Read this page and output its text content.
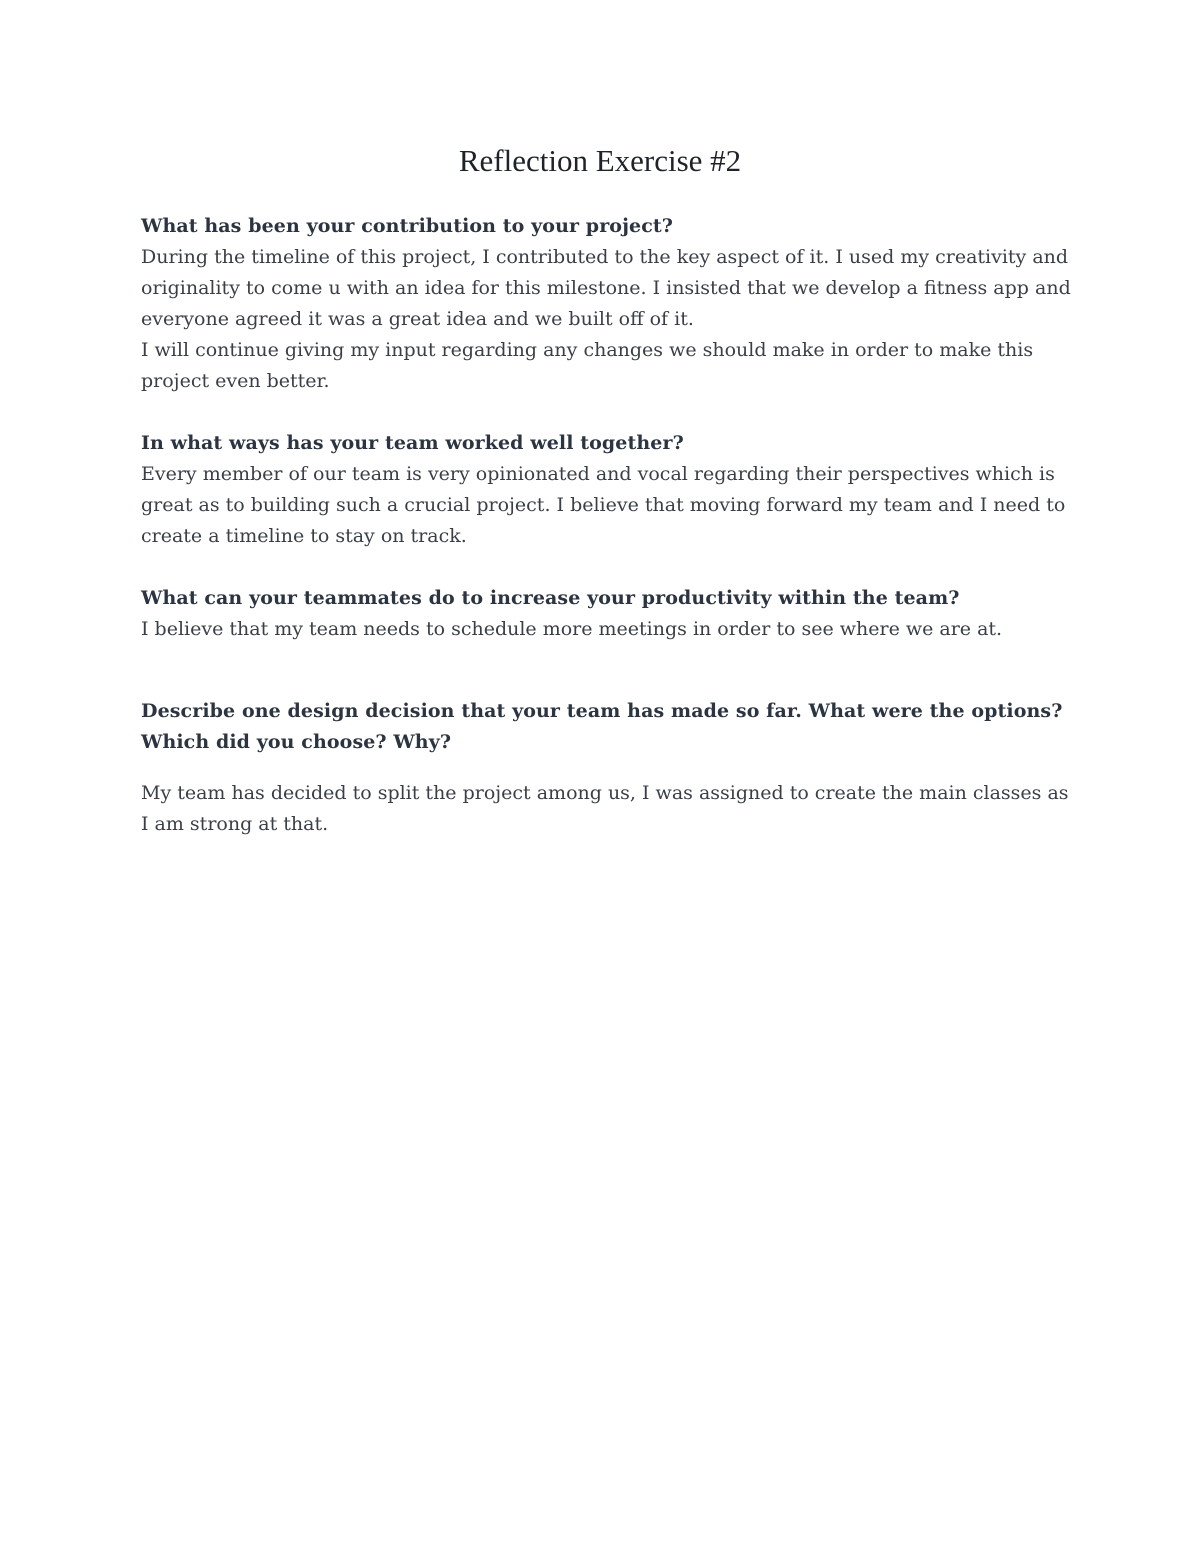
Reflection Exercise #2

What has been your contribution to your project?

During the timeline of this project, I contributed to the key aspect of it. I used my creativity and originality to come u with an idea for this milestone. I insisted that we develop a fitness app and everyone agreed it was a great idea and we built off of it.

I will continue giving my input regarding any changes we should make in order to make this project even better.

In what ways has your team worked well together?

Every member of our team is very opinionated and vocal regarding their perspectives which is great as to building such a crucial project. I believe that moving forward my team and I need to create a timeline to stay on track.

What can your teammates do to increase your productivity within the team?

I believe that my team needs to schedule more meetings in order to see where we are at.

Describe one design decision that your team has made so far. What were the options? Which did you choose? Why?

My team has decided to split the project among us, I was assigned to create the main classes as I am strong at that.
